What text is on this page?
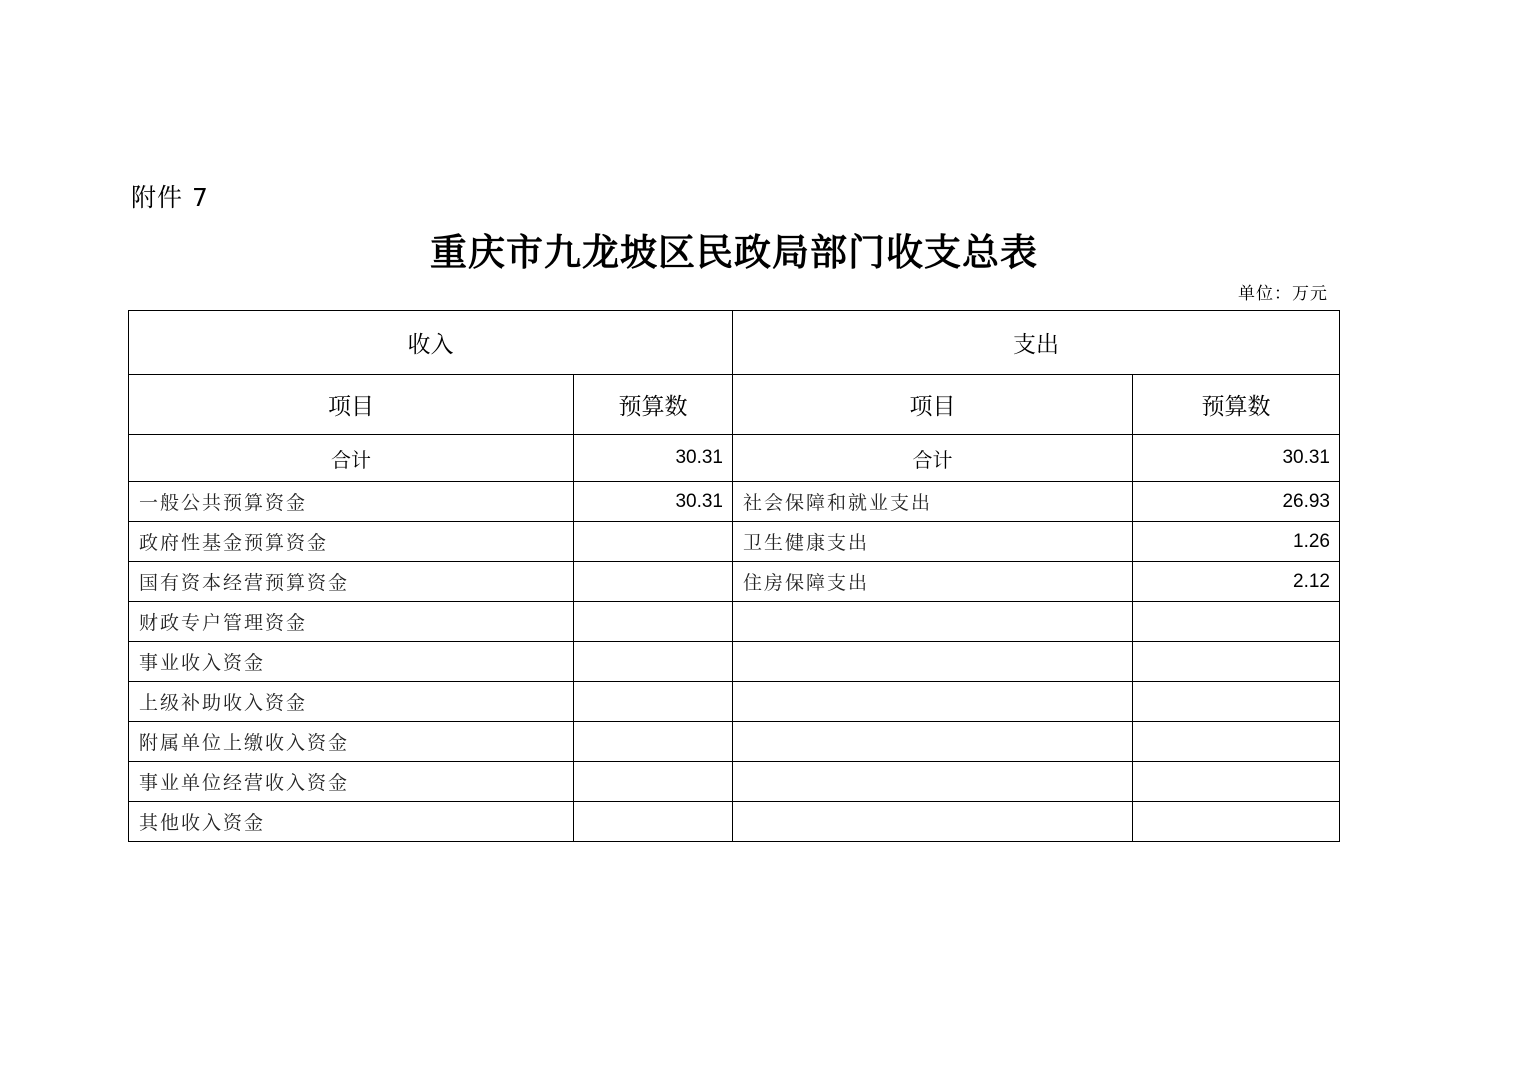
附件 7
重庆市九龙坡区民政局部门收支总表
单位：万元
收入		支出	
项目	预算数	项目	预算数
合计	30.31	合计	30.31
一般公共预算资金	30.31	社会保障和就业支出	26.93
政府性基金预算资金		卫生健康支出	1.26
国有资本经营预算资金		住房保障支出	2.12
财政专户管理资金			
事业收入资金			
上级补助收入资金			
附属单位上缴收入资金			
事业单位经营收入资金			
其他收入资金			
